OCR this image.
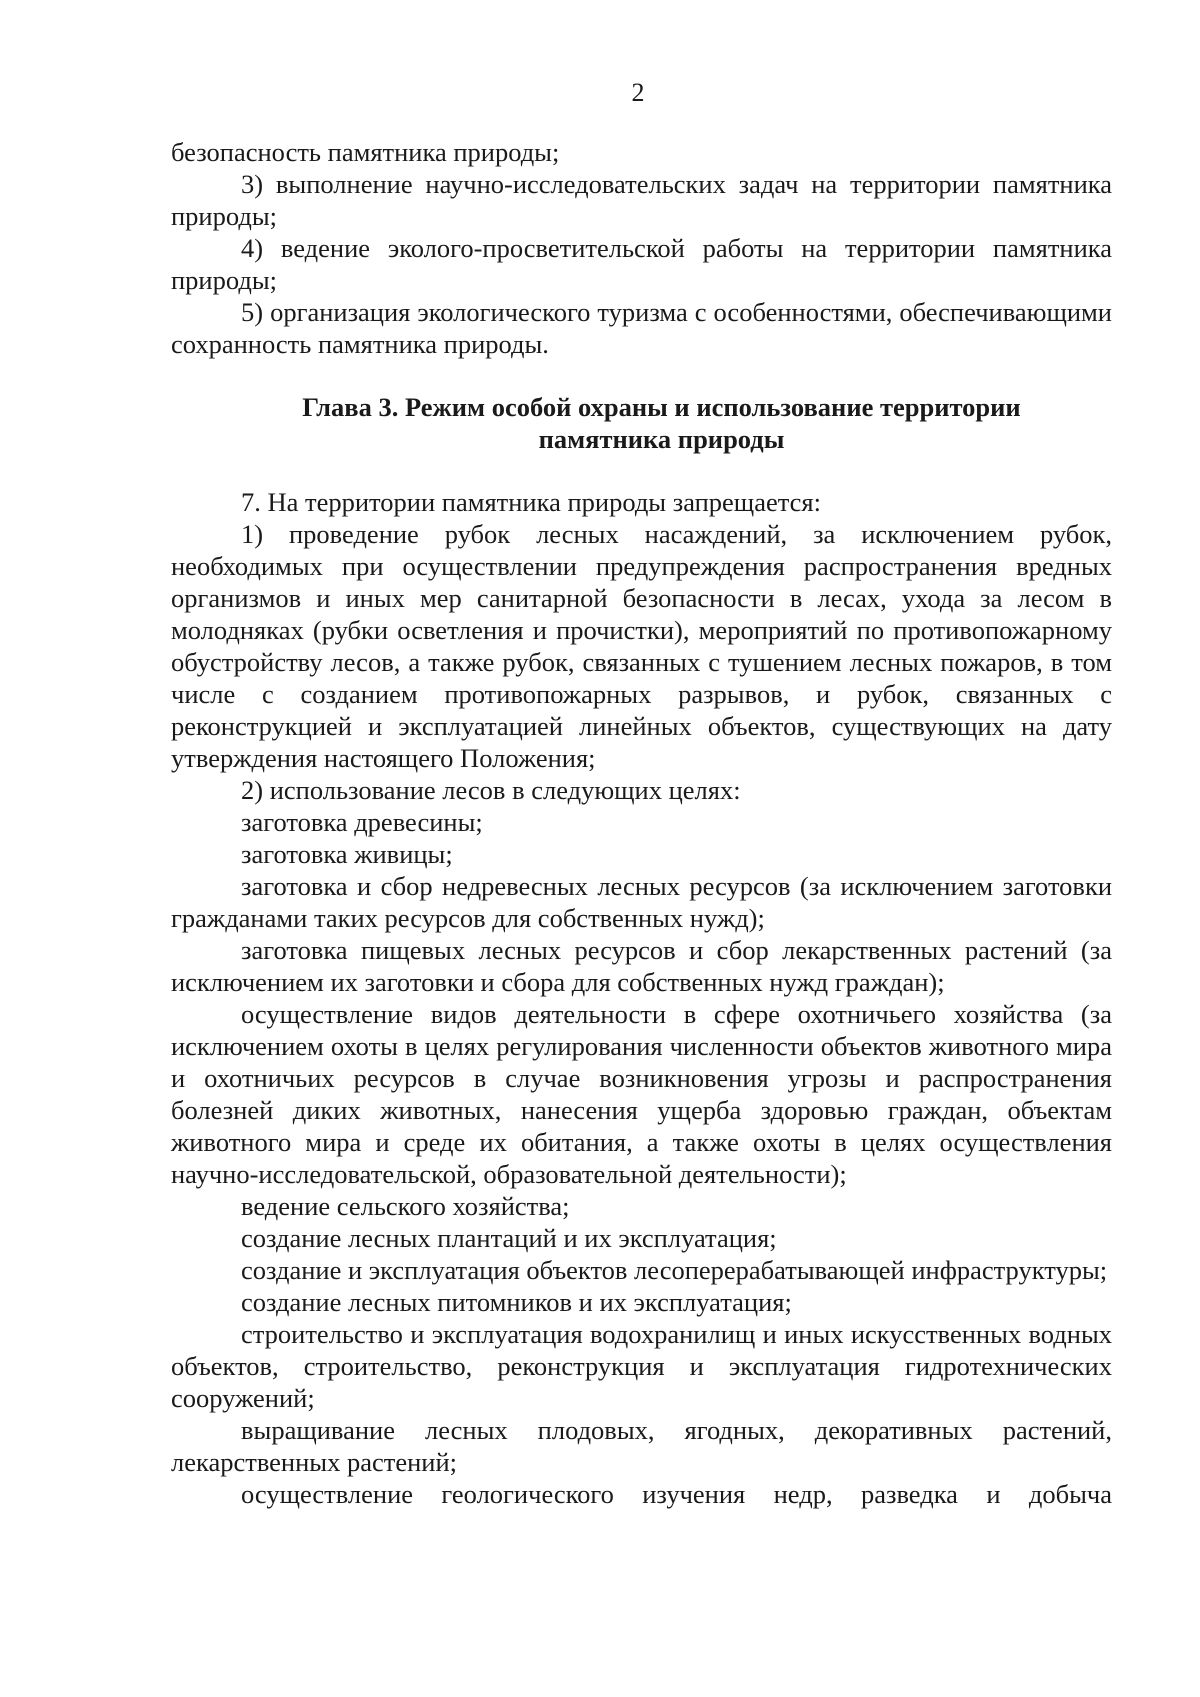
2

безопасность памятника природы;

3) выполнение научно-исследовательских задач на территории памятника природы;

4) ведение эколого-просветительской работы на территории памятника природы;

5) организация экологического туризма с особенностями, обеспечивающими сохранность памятника природы.

Глава 3. Режим особой охраны и использование территории
памятника природы

7. На территории памятника природы запрещается:

1) проведение рубок лесных насаждений, за исключением рубок, необходимых при осуществлении предупреждения распространения вредных организмов и иных мер санитарной безопасности в лесах, ухода за лесом в молодняках (рубки осветления и прочистки), мероприятий по противопожарному обустройству лесов, а также рубок, связанных с тушением лесных пожаров, в том числе с созданием противопожарных разрывов, и рубок, связанных с реконструкцией и эксплуатацией линейных объектов, существующих на дату утверждения настоящего Положения;

2) использование лесов в следующих целях:

заготовка древесины;

заготовка живицы;

заготовка и сбор недревесных лесных ресурсов (за исключением заготовки гражданами таких ресурсов для собственных нужд);

заготовка пищевых лесных ресурсов и сбор лекарственных растений (за исключением их заготовки и сбора для собственных нужд граждан);

осуществление видов деятельности в сфере охотничьего хозяйства (за исключением охоты в целях регулирования численности объектов животного мира и охотничьих ресурсов в случае возникновения угрозы и распространения болезней диких животных, нанесения ущерба здоровью граждан, объектам животного мира и среде их обитания, а также охоты в целях осуществления научно-исследовательской, образовательной деятельности);

ведение сельского хозяйства;

создание лесных плантаций и их эксплуатация;

создание и эксплуатация объектов лесоперерабатывающей инфраструктуры;

создание лесных питомников и их эксплуатация;

строительство и эксплуатация водохранилищ и иных искусственных водных объектов, строительство, реконструкция и эксплуатация гидротехнических сооружений;

выращивание лесных плодовых, ягодных, декоративных растений, лекарственных растений;

осуществление геологического изучения недр, разведка и добыча
